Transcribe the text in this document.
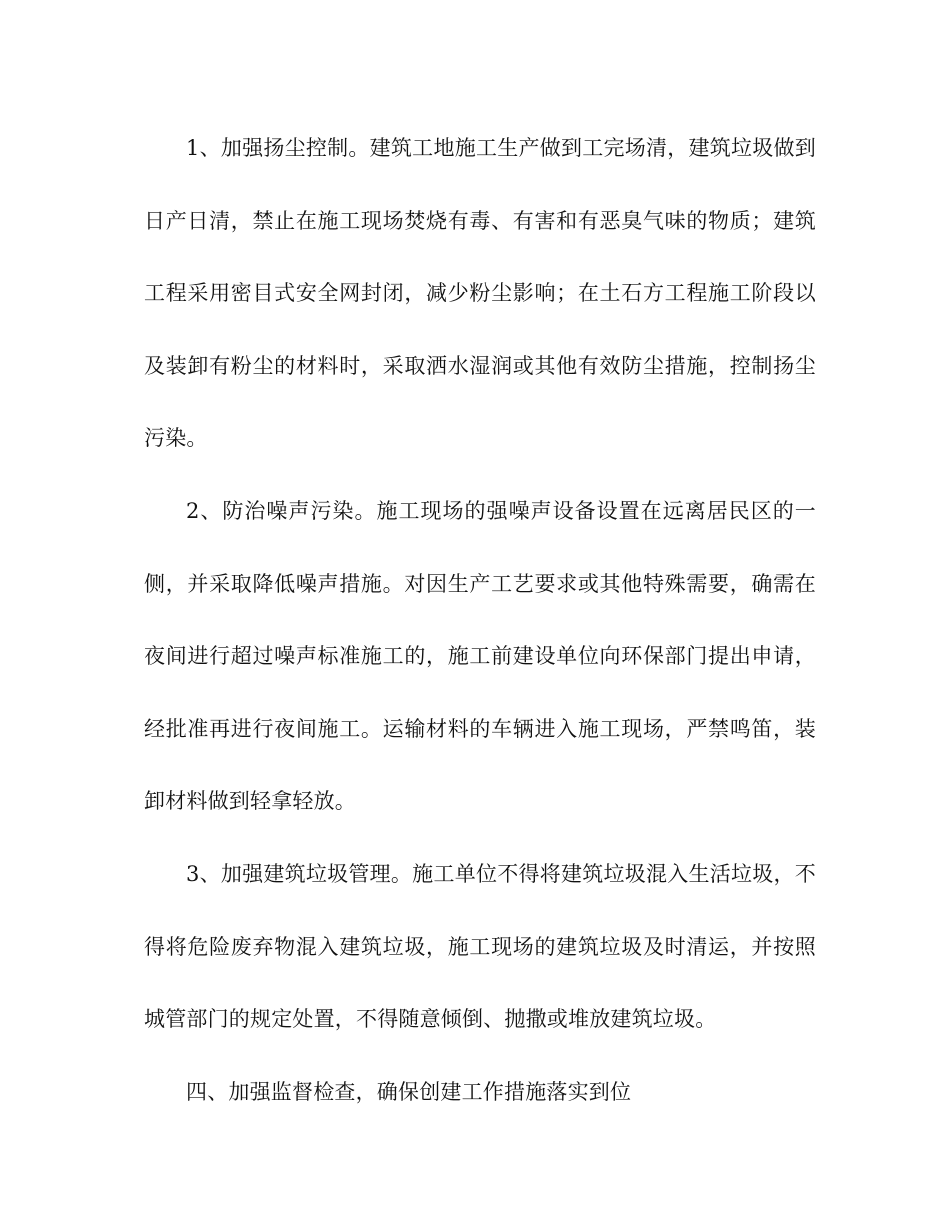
1、加强扬尘控制。建筑工地施工生产做到工完场清，建筑垃圾做到日产日清，禁止在施工现场焚烧有毒、有害和有恶臭气味的物质；建筑工程采用密目式安全网封闭，减少粉尘影响；在土石方工程施工阶段以及装卸有粉尘的材料时，采取洒水湿润或其他有效防尘措施，控制扬尘污染。

2、防治噪声污染。施工现场的强噪声设备设置在远离居民区的一侧，并采取降低噪声措施。对因生产工艺要求或其他特殊需要，确需在夜间进行超过噪声标准施工的，施工前建设单位向环保部门提出申请，经批准再进行夜间施工。运输材料的车辆进入施工现场，严禁鸣笛，装卸材料做到轻拿轻放。

3、加强建筑垃圾管理。施工单位不得将建筑垃圾混入生活垃圾，不得将危险废弃物混入建筑垃圾，施工现场的建筑垃圾及时清运，并按照城管部门的规定处置，不得随意倾倒、抛撒或堆放建筑垃圾。

四、加强监督检查，确保创建工作措施落实到位
